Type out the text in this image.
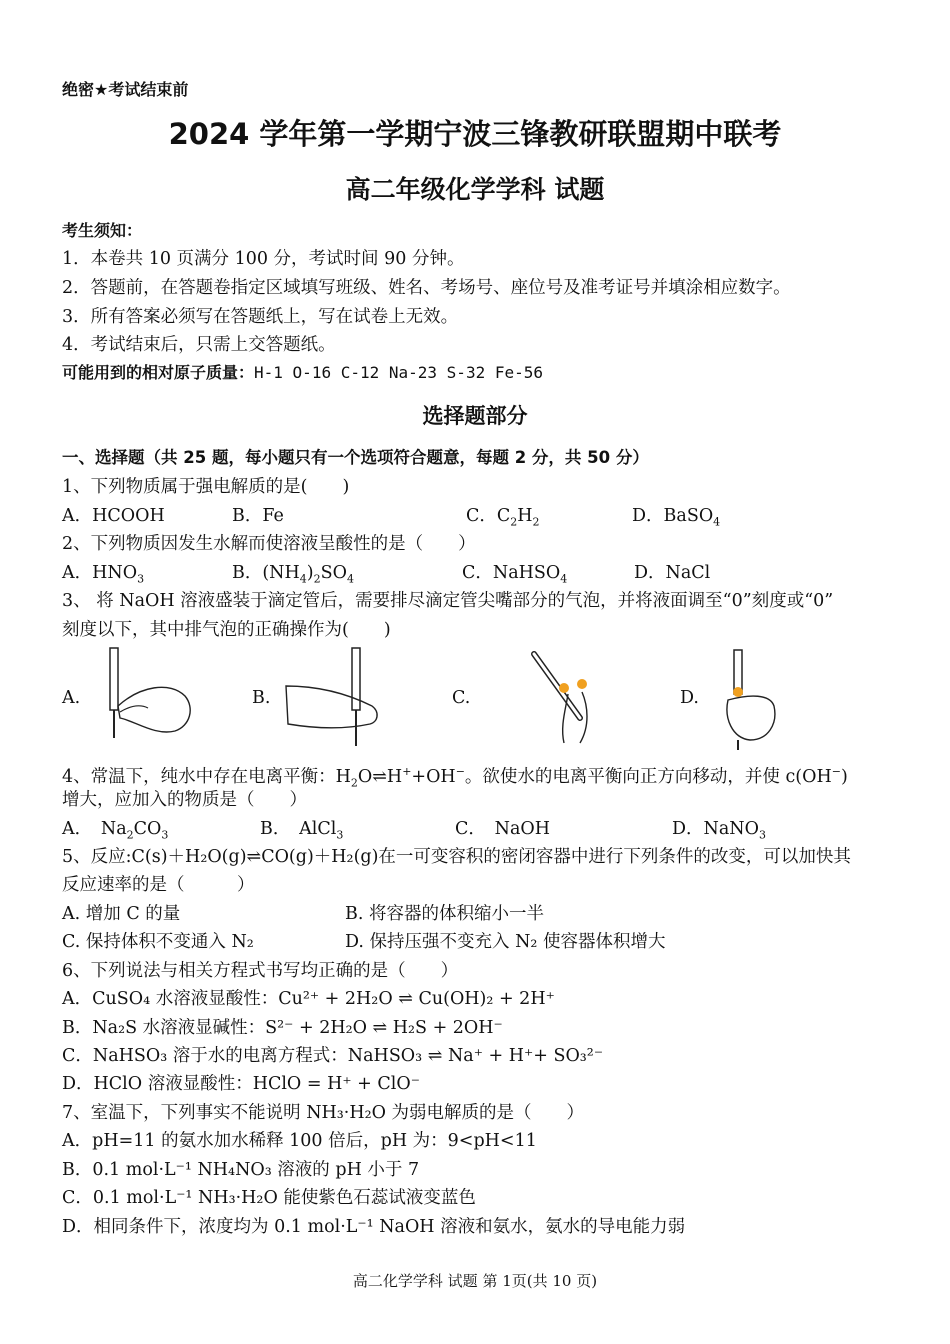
绝密★考试结束前
2024 学年第一学期宁波三锋教研联盟期中联考
高二年级化学学科 试题
考生须知：
1．本卷共 10 页满分 100 分，考试时间 90 分钟。
2．答题前，在答题卷指定区域填写班级、姓名、考场号、座位号及准考证号并填涂相应数字。
3．所有答案必须写在答题纸上，写在试卷上无效。
4．考试结束后，只需上交答题纸。
可能用到的相对原子质量：H-1 O-16 C-12 Na-23 S-32 Fe-56
选择题部分
一、选择题（共 25 题，每小题只有一个选项符合题意，每题 2 分，共 50 分）
1、下列物质属于强电解质的是(　　)
A．HCOOH	B．Fe	C．$C_2H_2$	D．BaSO$_4$
2、下列物质因发生水解而使溶液呈酸性的是（　　）
A．$HNO_3$	B．$(NH_4)_2SO_4$	C．NaHSO$_4$	D．NaCl
3、 将 NaOH 溶液盛装于滴定管后，需要排尽滴定管尖嘴部分的气泡，并将液面调至“0”刻度或“0”
刻度以下，其中排气泡的正确操作为(　　)
A.	B.	C.	D.
4、常温下，纯水中存在电离平衡：$H_2O\rightleftharpoons H^++OH^-$。欲使水的电离平衡向正方向移动，并使 c(OH−)
增大，应加入的物质是（　　）
A．　$Na_2CO_3$	B．　AlCl$_3$	C．　NaOH	D．NaNO$_3$
5、反应:C(s)＋H₂O(g)⇌CO(g)＋H₂(g)在一可变容积的密闭容器中进行下列条件的改变，可以加快其
反应速率的是（　　　）
A. 增加 C 的量	B. 将容器的体积缩小一半
C. 保持体积不变通入 N₂	D. 保持压强不变充入 N₂ 使容器体积增大
6、下列说法与相关方程式书写均正确的是（　　）
A．CuSO₄ 水溶液显酸性：Cu²⁺ + 2H₂O ⇌ Cu(OH)₂ + 2H⁺
B．Na₂S 水溶液显碱性：S²⁻ + 2H₂O ⇌ H₂S + 2OH⁻
C．NaHSO₃ 溶于水的电离方程式：NaHSO₃ ⇌ Na⁺ + H⁺+ SO₃²⁻
D．HClO 溶液显酸性：HClO = H⁺ + ClO⁻
7、室温下，下列事实不能说明 NH₃·H₂O 为弱电解质的是（　　）
A．pH=11 的氨水加水稀释 100 倍后，pH 为：9<pH<11
B．0.1 mol·L⁻¹ NH₄NO₃ 溶液的 pH 小于 7
C．0.1 mol·L⁻¹ NH₃·H₂O 能使紫色石蕊试液变蓝色
D．相同条件下，浓度均为 0.1 mol·L⁻¹ NaOH 溶液和氨水，氨水的导电能力弱
高二化学学科 试题 第 1页(共 10 页)
